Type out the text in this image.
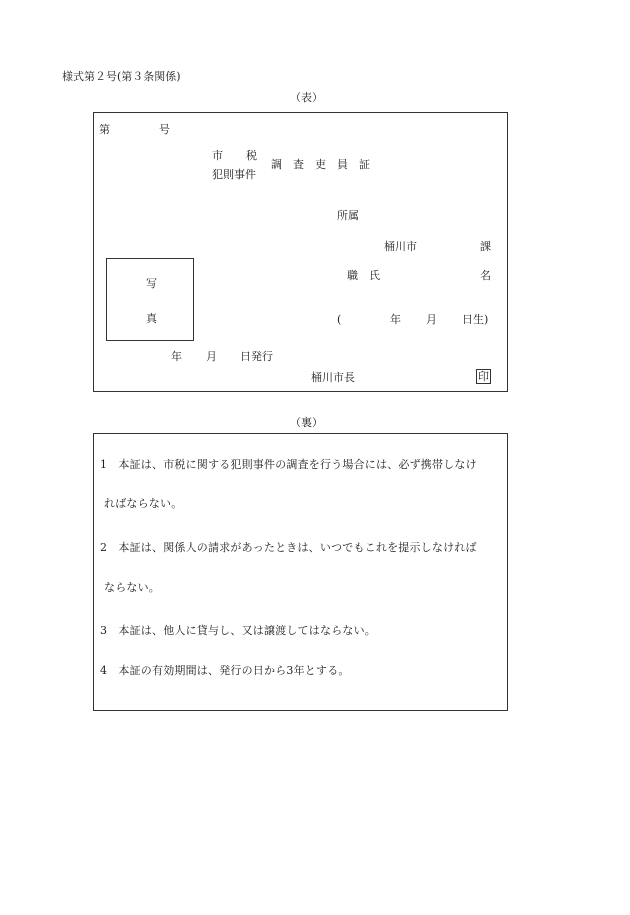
様式第２号(第３条関係)
（表）
第	号
市 税
犯則事件
調　査　吏　員　証
所属
桶川市	課
写
真
職　氏	名
(	年 月 日生)
年 月 日発行
桶川市長	印
（裏）
1　本証は、市税に関する犯則事件の調査を行う場合には、必ず携帯しなけ
ればならない。
2　本証は、関係人の請求があったときは、いつでもこれを提示しなければ
ならない。
3　本証は、他人に貸与し、又は譲渡してはならない。
4　本証の有効期間は、発行の日から3年とする。
